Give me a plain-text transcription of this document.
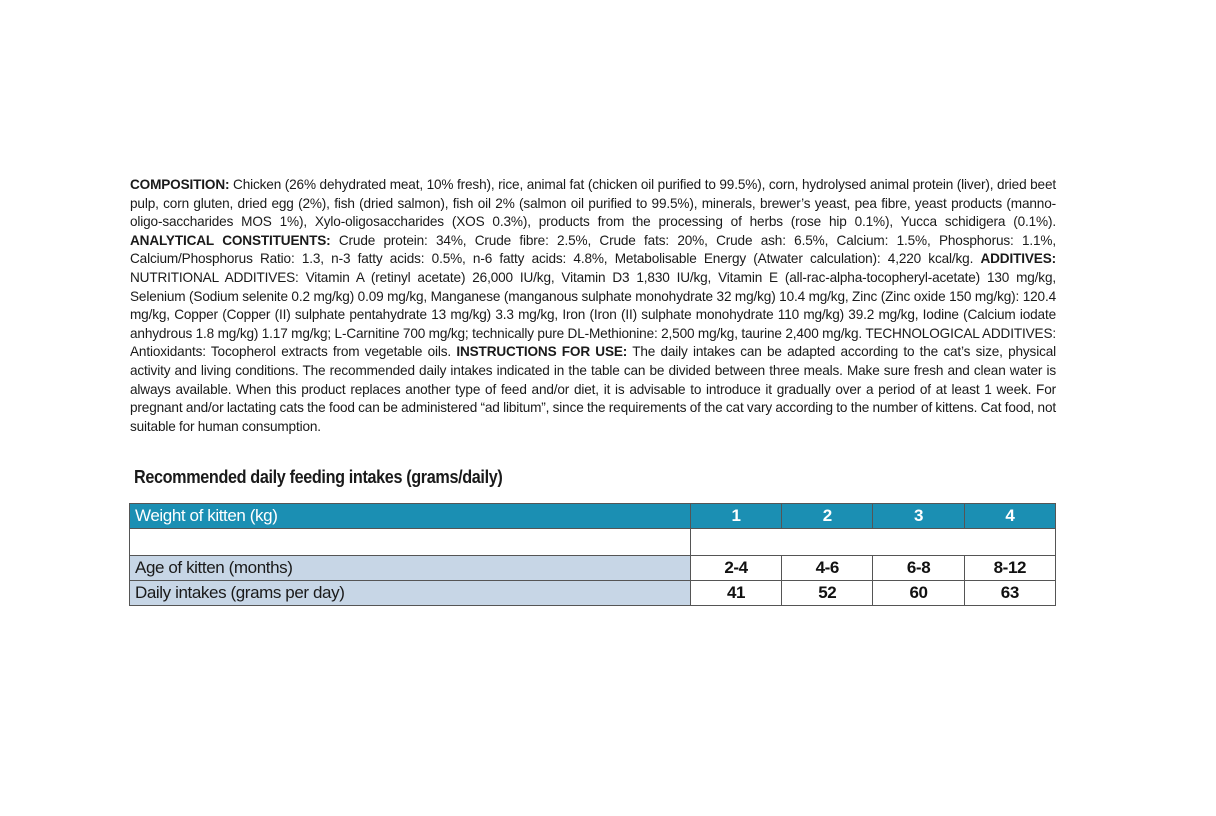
COMPOSITION: Chicken (26% dehydrated meat, 10% fresh), rice, animal fat (chicken oil purified to 99.5%), corn, hydrolysed animal protein (liver), dried beet pulp, corn gluten, dried egg (2%), fish (dried salmon), fish oil 2% (salmon oil purified to 99.5%), minerals, brewer’s yeast, pea fibre, yeast products (manno-oligo-saccharides MOS 1%), Xylo-oligosaccharides (XOS 0.3%), products from the processing of herbs (rose hip 0.1%), Yucca schidigera (0.1%). ANALYTICAL CONSTITUENTS: Crude protein: 34%, Crude fibre: 2.5%, Crude fats: 20%, Crude ash: 6.5%, Calcium: 1.5%, Phosphorus: 1.1%, Calcium/Phosphorus Ratio: 1.3, n-3 fatty acids: 0.5%, n-6 fatty acids: 4.8%, Metabolisable Energy (Atwater calculation): 4,220 kcal/kg. ADDITIVES: NUTRITIONAL ADDITIVES: Vitamin A (retinyl acetate) 26,000 IU/kg, Vitamin D3 1,830 IU/kg, Vitamin E (all-rac-alpha-tocopheryl-acetate) 130 mg/kg, Selenium (Sodium selenite 0.2 mg/kg) 0.09 mg/kg, Manganese (manganous sulphate monohydrate 32 mg/kg) 10.4 mg/kg, Zinc (Zinc oxide 150 mg/kg): 120.4 mg/kg, Copper (Copper (II) sulphate pentahydrate 13 mg/kg) 3.3 mg/kg, Iron (Iron (II) sulphate monohydrate 110 mg/kg) 39.2 mg/kg, Iodine (Calcium iodate anhydrous 1.8 mg/kg) 1.17 mg/kg; L-Carnitine 700 mg/kg; technically pure DL-Methionine: 2,500 mg/kg, taurine 2,400 mg/kg. TECHNOLOGICAL ADDITIVES: Antioxidants: Tocopherol extracts from vegetable oils. INSTRUCTIONS FOR USE: The daily intakes can be adapted according to the cat’s size, physical activity and living conditions. The recommended daily intakes indicated in the table can be divided between three meals. Make sure fresh and clean water is always available. When this product replaces another type of feed and/or diet, it is advisable to introduce it gradually over a period of at least 1 week. For pregnant and/or lactating cats the food can be administered “ad libitum”, since the requirements of the cat vary according to the number of kittens. Cat food, not suitable for human consumption.
Recommended daily feeding intakes (grams/daily)
Weight of kitten (kg)	1	2	3	4

Age of kitten (months)	2-4	4-6	6-8	8-12
Daily intakes (grams per day)	41	52	60	63
